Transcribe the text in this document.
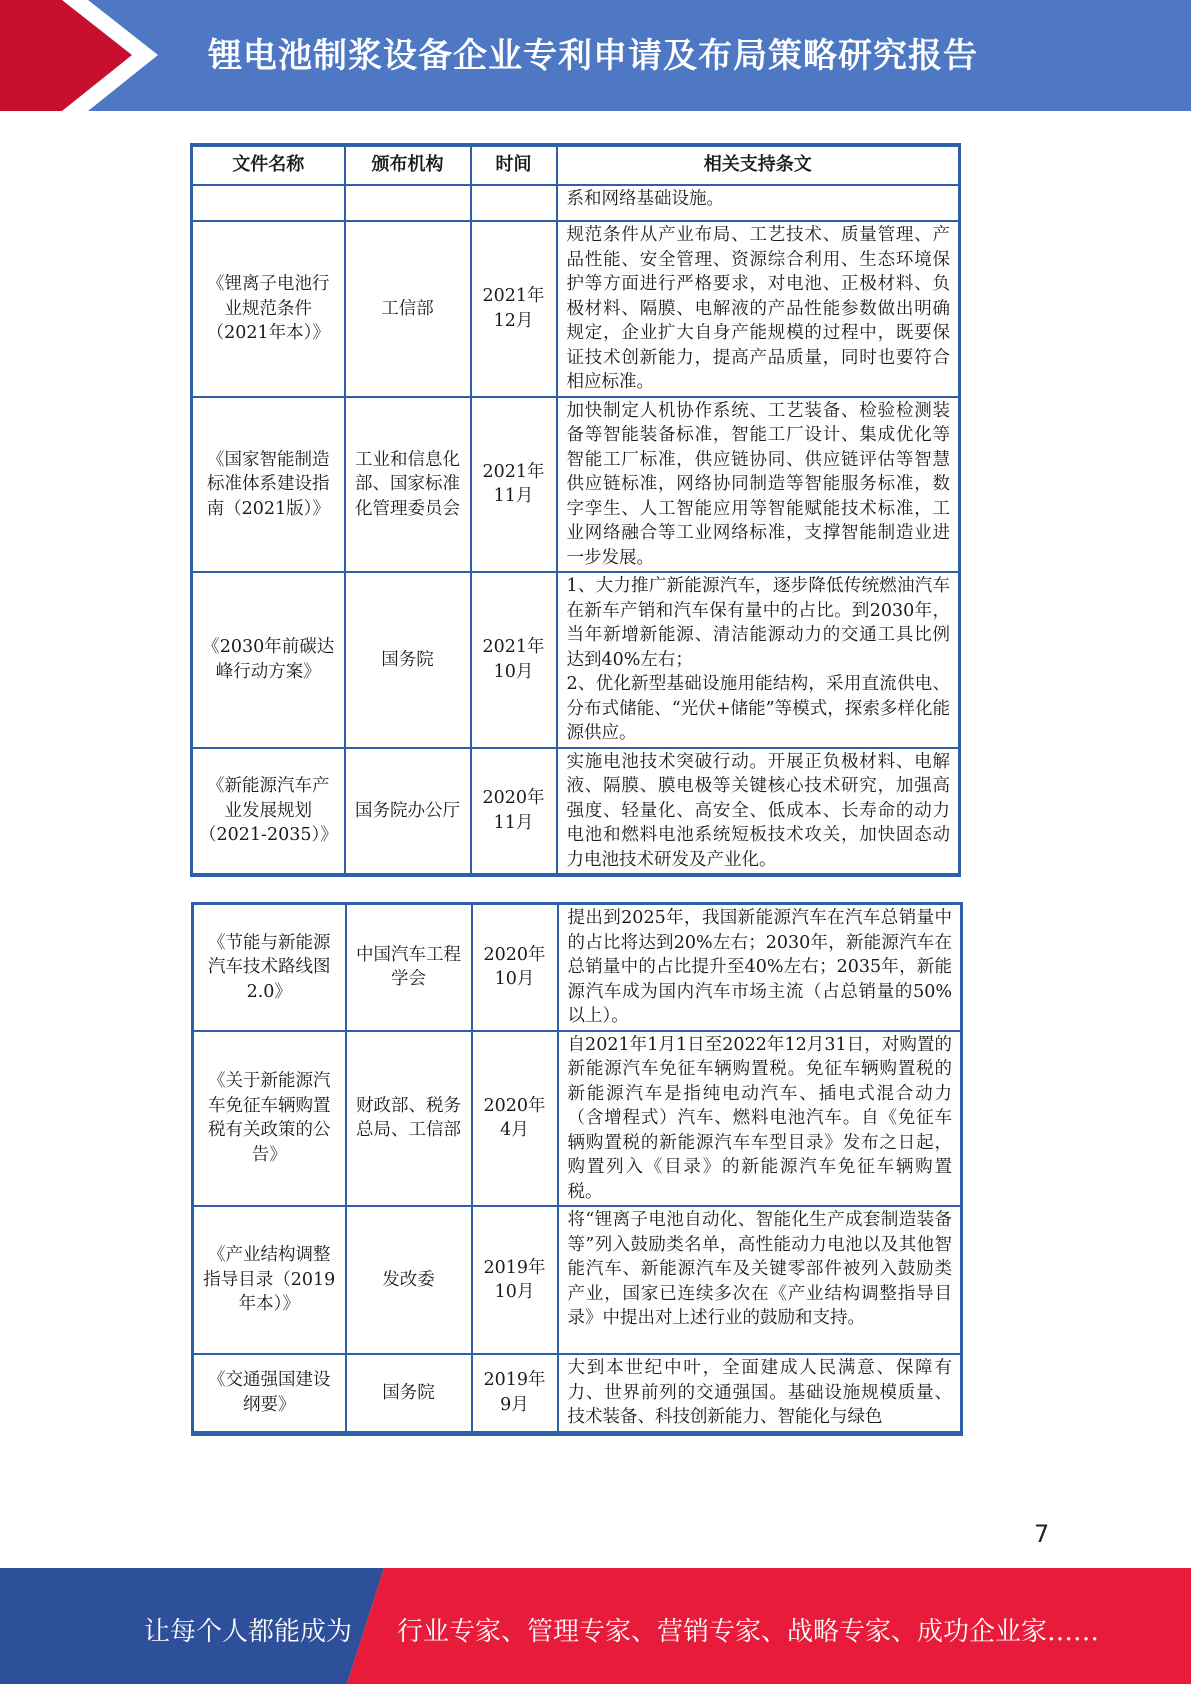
锂电池制浆设备企业专利申请及布局策略研究报告
文件名称	颁布机构	时间	相关支持条文
			系和网络基础设施。
《锂离子电池行业规范条件（2021年本）》	工信部	2021年12月	规范条件从产业布局、工艺技术、质量管理、产品性能、安全管理、资源综合利用、生态环境保护等方面进行严格要求，对电池、正极材料、负极材料、隔膜、电解液的产品性能参数做出明确规定，企业扩大自身产能规模的过程中，既要保证技术创新能力，提高产品质量，同时也要符合相应标准。
《国家智能制造标准体系建设指南（2021版）》	工业和信息化部、国家标准化管理委员会	2021年11月	加快制定人机协作系统、工艺装备、检验检测装备等智能装备标准，智能工厂设计、集成优化等智能工厂标准，供应链协同、供应链评估等智慧供应链标准，网络协同制造等智能服务标准，数字孪生、人工智能应用等智能赋能技术标准，工业网络融合等工业网络标准，支撑智能制造业进一步发展。
《2030年前碳达峰行动方案》	国务院	2021年10月	1、大力推广新能源汽车，逐步降低传统燃油汽车在新车产销和汽车保有量中的占比。到2030年，当年新增新能源、清洁能源动力的交通工具比例达到40%左右；
2、优化新型基础设施用能结构，采用直流供电、分布式储能、“光伏+储能”等模式，探索多样化能源供应。
《新能源汽车产业发展规划（2021-2035）》	国务院办公厅	2020年11月	实施电池技术突破行动。开展正负极材料、电解液、隔膜、膜电极等关键核心技术研究，加强高强度、轻量化、高安全、低成本、长寿命的动力电池和燃料电池系统短板技术攻关，加快固态动力电池技术研发及产业化。
《节能与新能源汽车技术路线图2.0》	中国汽车工程学会	2020年10月	提出到2025年，我国新能源汽车在汽车总销量中的占比将达到20%左右；2030年，新能源汽车在总销量中的占比提升至40%左右；2035年，新能源汽车成为国内汽车市场主流（占总销量的50%以上）。
《关于新能源汽车免征车辆购置税有关政策的公告》	财政部、税务总局、工信部	2020年4月	自2021年1月1日至2022年12月31日，对购置的新能源汽车免征车辆购置税。免征车辆购置税的新能源汽车是指纯电动汽车、插电式混合动力（含增程式）汽车、燃料电池汽车。自《免征车辆购置税的新能源汽车车型目录》发布之日起，购置列入《目录》的新能源汽车免征车辆购置税。
《产业结构调整指导目录（2019年本）》	发改委	2019年10月	将“锂离子电池自动化、智能化生产成套制造装备等”列入鼓励类名单，高性能动力电池以及其他智能汽车、新能源汽车及关键零部件被列入鼓励类产业，国家已连续多次在《产业结构调整指导目录》中提出对上述行业的鼓励和支持。
《交通强国建设纲要》	国务院	2019年9月	大到本世纪中叶，全面建成人民满意、保障有力、世界前列的交通强国。基础设施规模质量、技术装备、科技创新能力、智能化与绿色
7
让每个人都能成为 行业专家、管理专家、营销专家、战略专家、成功企业家……
